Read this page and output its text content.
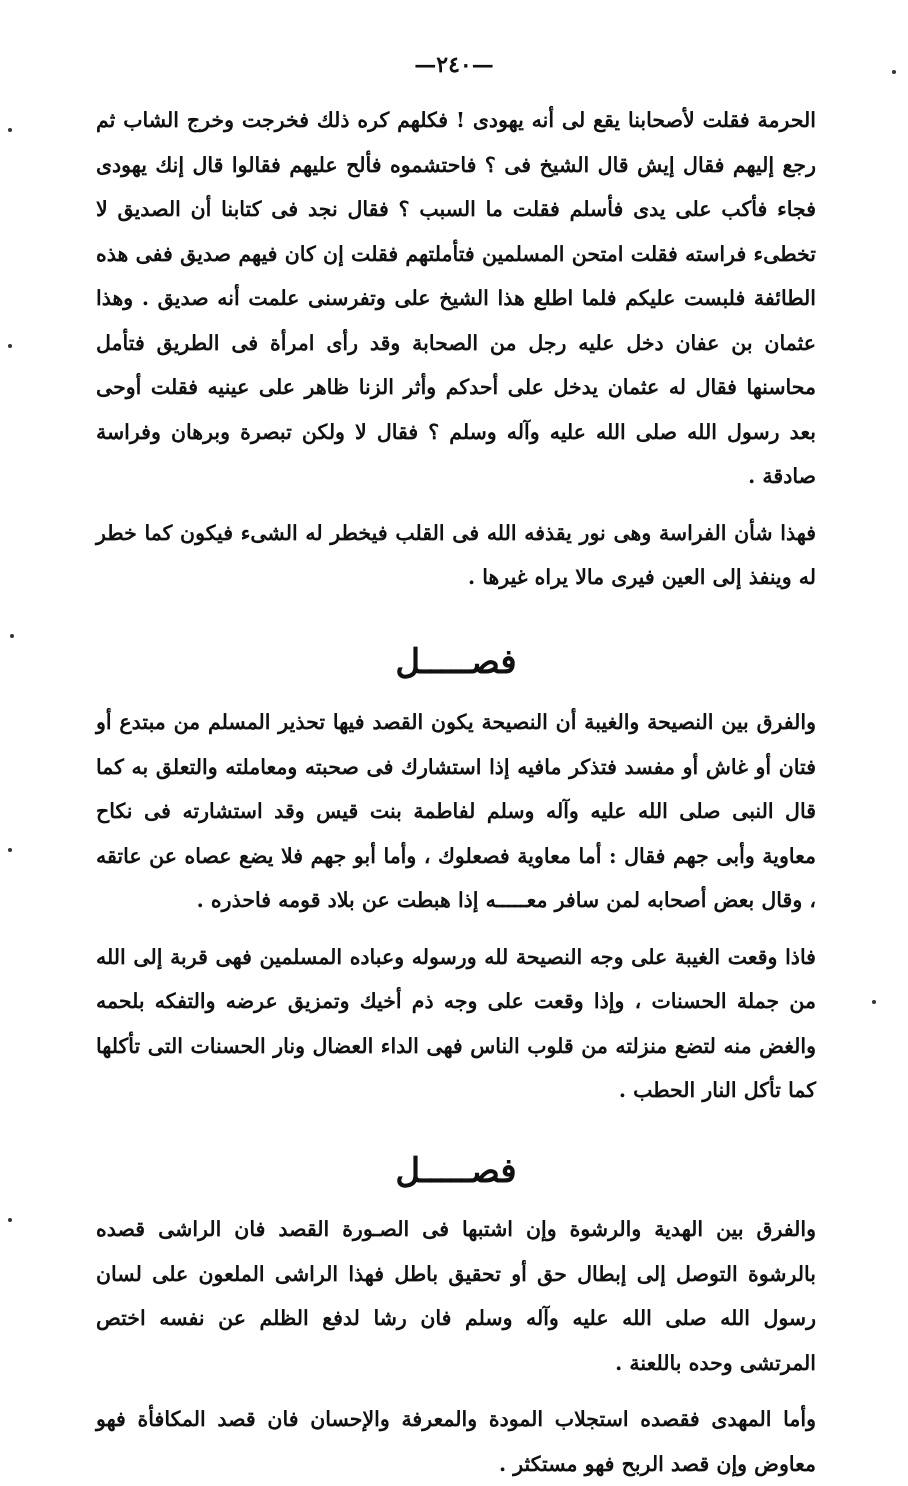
—٢٤٠—

الحرمة فقلت لأصحابنا يقع لى أنه يهودى ! فكلهم كره ذلك فخرجت وخرج الشاب ثم رجع إليهم فقال إيش قال الشيخ فى ؟ فاحتشموه فألح عليهم فقالوا قال إنك يهودى فجاء فأكب على يدى فأسلم فقلت ما السبب ؟ فقال نجد فى كتابنا أن الصديق لا تخطىء فراسته فقلت امتحن المسلمين فتأملتهم فقلت إن كان فيهم صديق ففى هذه الطائفة فلبست عليكم فلما اطلع هذا الشيخ على وتفرسنى علمت أنه صديق . وهذا عثمان بن عفان دخل عليه رجل من الصحابة وقد رأى امرأة فى الطريق فتأمل محاسنها فقال له عثمان يدخل على أحدكم وأثر الزنا ظاهر على عينيه فقلت أوحى بعد رسول الله صلى الله عليه وآله وسلم ؟ فقال لا ولكن تبصرة وبرهان وفراسة صادقة .

فهذا شأن الفراسة وهى نور يقذفه الله فى القلب فيخطر له الشىء فيكون كما خطر له وينفذ إلى العين فيرى مالا يراه غيرها .

فصـــــل

والفرق بين النصيحة والغيبة أن النصيحة يكون القصد فيها تحذير المسلم من مبتدع أو فتان أو غاش أو مفسد فتذكر مافيه إذا استشارك فى صحبته ومعاملته والتعلق به كما قال النبى صلى الله عليه وآله وسلم لفاطمة بنت قيس وقد استشارته فى نكاح معاوية وأبى جهم فقال : أما معاوية فصعلوك ، وأما أبو جهم فلا يضع عصاه عن عاتقه ، وقال بعض أصحابه لمن سافر معـــــه إذا هبطت عن بلاد قومه فاحذره .

فاذا وقعت الغيبة على وجه النصيحة لله ورسوله وعباده المسلمين فهى قربة إلى الله من جملة الحسنات ، وإذا وقعت على وجه ذم أخيك وتمزيق عرضه والتفكه بلحمه والغض منه لتضع منزلته من قلوب الناس فهى الداء العضال ونار الحسنات التى تأكلها كما تأكل النار الحطب .

فصـــــل

والفرق بين الهدية والرشوة وإن اشتبها فى الصـورة القصد فان الراشى قصده بالرشوة التوصل إلى إبطال حق أو تحقيق باطل فهذا الراشى الملعون على لسان رسول الله صلى الله عليه وآله وسلم فان رشا لدفع الظلم عن نفسه اختص المرتشى وحده باللعنة .

وأما المهدى فقصده استجلاب المودة والمعرفة والإحسان فان قصد المكافأة فهو معاوض وإن قصد الربح فهو مستكثر .
